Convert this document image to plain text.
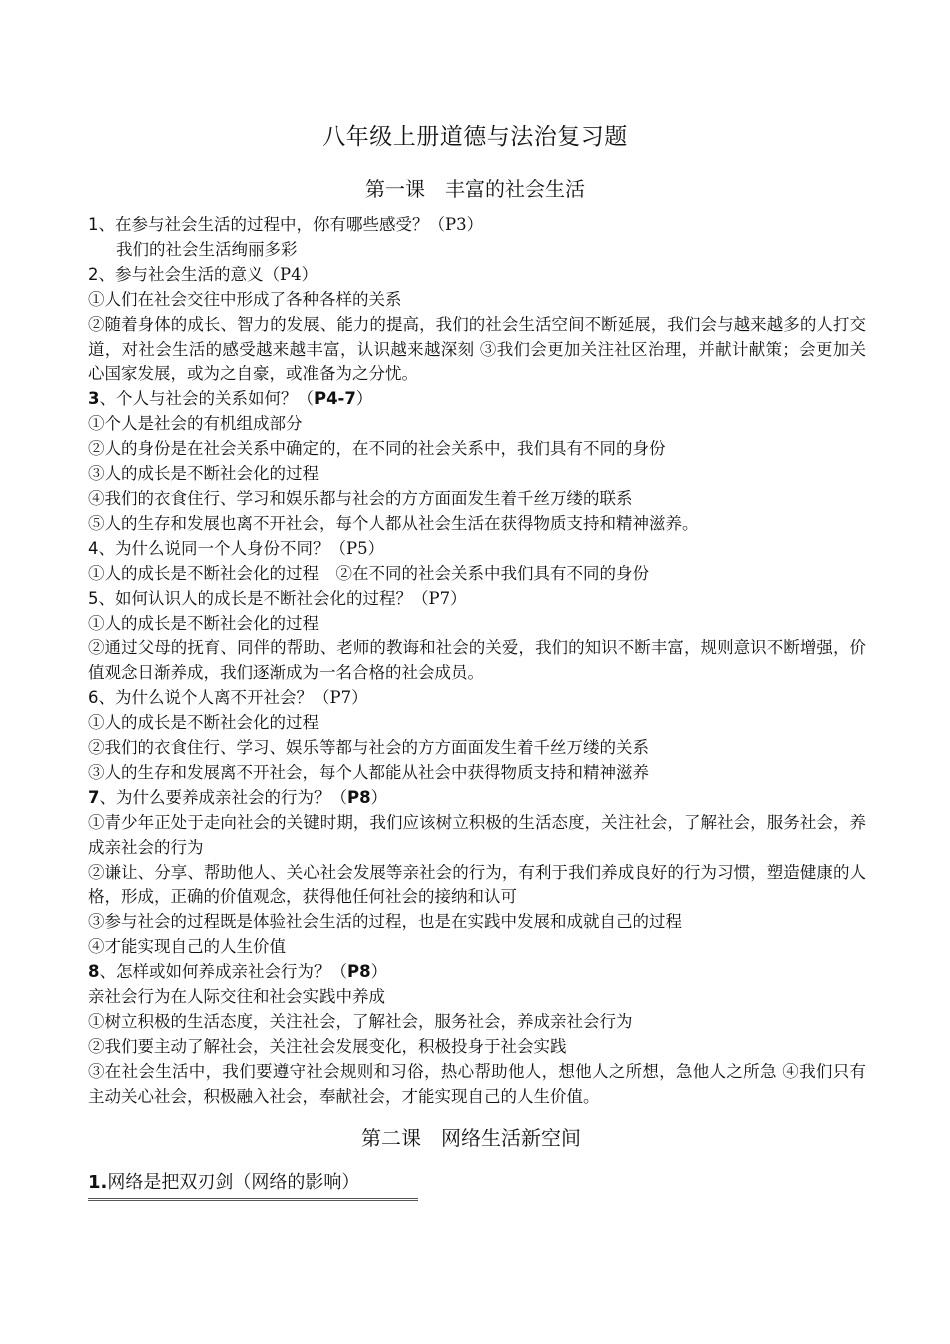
八年级上册道德与法治复习题
第一课　丰富的社会生活
1、在参与社会生活的过程中，你有哪些感受？（P3）
我们的社会生活绚丽多彩
2、参与社会生活的意义（P4）
①人们在社会交往中形成了各种各样的关系
②随着身体的成长、智力的发展、能力的提高，我们的社会生活空间不断延展，我们会与越来越多的人打交道，对社会生活的感受越来越丰富，认识越来越深刻 ③我们会更加关注社区治理，并献计献策；会更加关心国家发展，或为之自豪，或准备为之分忧。
3、个人与社会的关系如何？（P4-7）
①个人是社会的有机组成部分
②人的身份是在社会关系中确定的，在不同的社会关系中，我们具有不同的身份
③人的成长是不断社会化的过程
④我们的衣食住行、学习和娱乐都与社会的方方面面发生着千丝万缕的联系
⑤人的生存和发展也离不开社会，每个人都从社会生活在获得物质支持和精神滋养。
4、为什么说同一个人身份不同？（P5）
①人的成长是不断社会化的过程　②在不同的社会关系中我们具有不同的身份
5、如何认识人的成长是不断社会化的过程？（P7）
①人的成长是不断社会化的过程
②通过父母的抚育、同伴的帮助、老师的教诲和社会的关爱，我们的知识不断丰富，规则意识不断增强，价值观念日渐养成，我们逐渐成为一名合格的社会成员。
6、为什么说个人离不开社会？（P7）
①人的成长是不断社会化的过程
②我们的衣食住行、学习、娱乐等都与社会的方方面面发生着千丝万缕的关系
③人的生存和发展离不开社会，每个人都能从社会中获得物质支持和精神滋养
7、为什么要养成亲社会的行为？（P8）
①青少年正处于走向社会的关键时期，我们应该树立积极的生活态度，关注社会，了解社会，服务社会，养成亲社会的行为
②谦让、分享、帮助他人、关心社会发展等亲社会的行为，有利于我们养成良好的行为习惯，塑造健康的人格，形成，正确的价值观念，获得他任何社会的接纳和认可
③参与社会的过程既是体验社会生活的过程，也是在实践中发展和成就自己的过程
④才能实现自己的人生价值
8、怎样或如何养成亲社会行为？（P8）
亲社会行为在人际交往和社会实践中养成
①树立积极的生活态度，关注社会，了解社会，服务社会，养成亲社会行为
②我们要主动了解社会，关注社会发展变化，积极投身于社会实践
③在社会生活中，我们要遵守社会规则和习俗，热心帮助他人，想他人之所想，急他人之所急 ④我们只有主动关心社会，积极融入社会，奉献社会，才能实现自己的人生价值。
第二课　网络生活新空间
1.网络是把双刃剑（网络的影响）
